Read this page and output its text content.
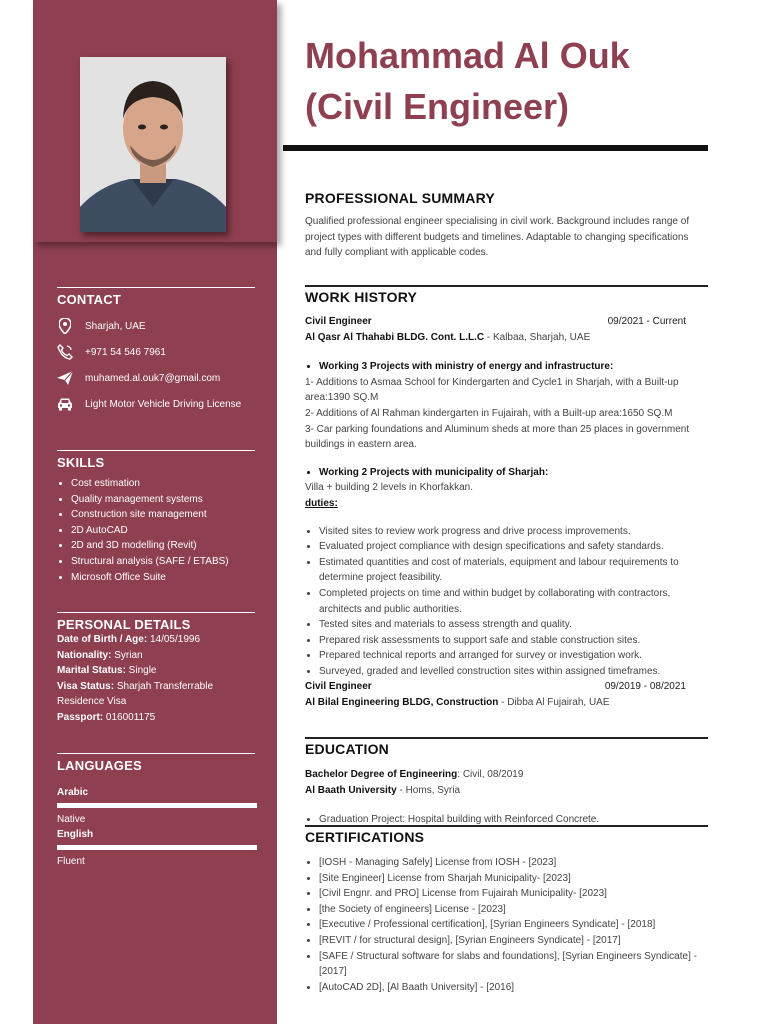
CONTACT
Sharjah, UAE
+971 54 546 7961
muhamed.al.ouk7@gmail.com
Light Motor Vehicle Driving License
SKILLS
• Cost estimation
• Quality management systems
• Construction site management
• 2D AutoCAD
• 2D and 3D modelling (Revit)
• Structural analysis (SAFE / ETABS)
• Microsoft Office Suite
PERSONAL DETAILS
Date of Birth / Age: 14/05/1996
Nationality: Syrian
Marital Status: Single
Visa Status: Sharjah Transferrable Residence Visa
Passport: 016001175
LANGUAGES
Arabic
Native
English
Fluent
Mohammad Al Ouk
(Civil Engineer)
PROFESSIONAL SUMMARY
Qualified professional engineer specialising in civil work. Background includes range of project types with different budgets and timelines. Adaptable to changing specifications and fully compliant with applicable codes.
WORK HISTORY
Civil Engineer	09/2021 - Current
Al Qasr Al Thahabi BLDG. Cont. L.L.C - Kalbaa, Sharjah, UAE
• Working 3 Projects with ministry of energy and infrastructure:
1- Additions to Asmaa School for Kindergarten and Cycle1 in Sharjah, with a Built-up area:1390 SQ.M
2- Additions of Al Rahman kindergarten in Fujairah, with a Built-up area:1650 SQ.M
3- Car parking foundations and Aluminum sheds at more than 25 places in government buildings in eastern area.
• Working 2 Projects with municipality of Sharjah:
Villa + building 2 levels in Khorfakkan.
duties:
• Visited sites to review work progress and drive process improvements.
• Evaluated project compliance with design specifications and safety standards.
• Estimated quantities and cost of materials, equipment and labour requirements to determine project feasibility.
• Completed projects on time and within budget by collaborating with contractors, architects and public authorities.
• Tested sites and materials to assess strength and quality.
• Prepared risk assessments to support safe and stable construction sites.
• Prepared technical reports and arranged for survey or investigation work.
• Surveyed, graded and levelled construction sites within assigned timeframes.
Civil Engineer	09/2019 - 08/2021
Al Bilal Engineering BLDG, Construction - Dibba Al Fujairah, UAE
EDUCATION
Bachelor Degree of Engineering: Civil, 08/2019
Al Baath University - Homs, Syria
• Graduation Project: Hospital building with Reinforced Concrete.
CERTIFICATIONS
• [IOSH - Managing Safely] License from IOSH - [2023]
• [Site Engineer] License from Sharjah Municipality- [2023]
• [Civil Engnr. and PRO] License from Fujairah Municipality- [2023]
• [the Society of engineers] License - [2023]
• [Executive / Professional certification], [Syrian Engineers Syndicate] - [2018]
• [REVIT / for structural design], [Syrian Engineers Syndicate] - [2017]
• [SAFE / Structural software for slabs and foundations], [Syrian Engineers Syndicate] - [2017]
• [AutoCAD 2D], [Al Baath University] - [2016]
